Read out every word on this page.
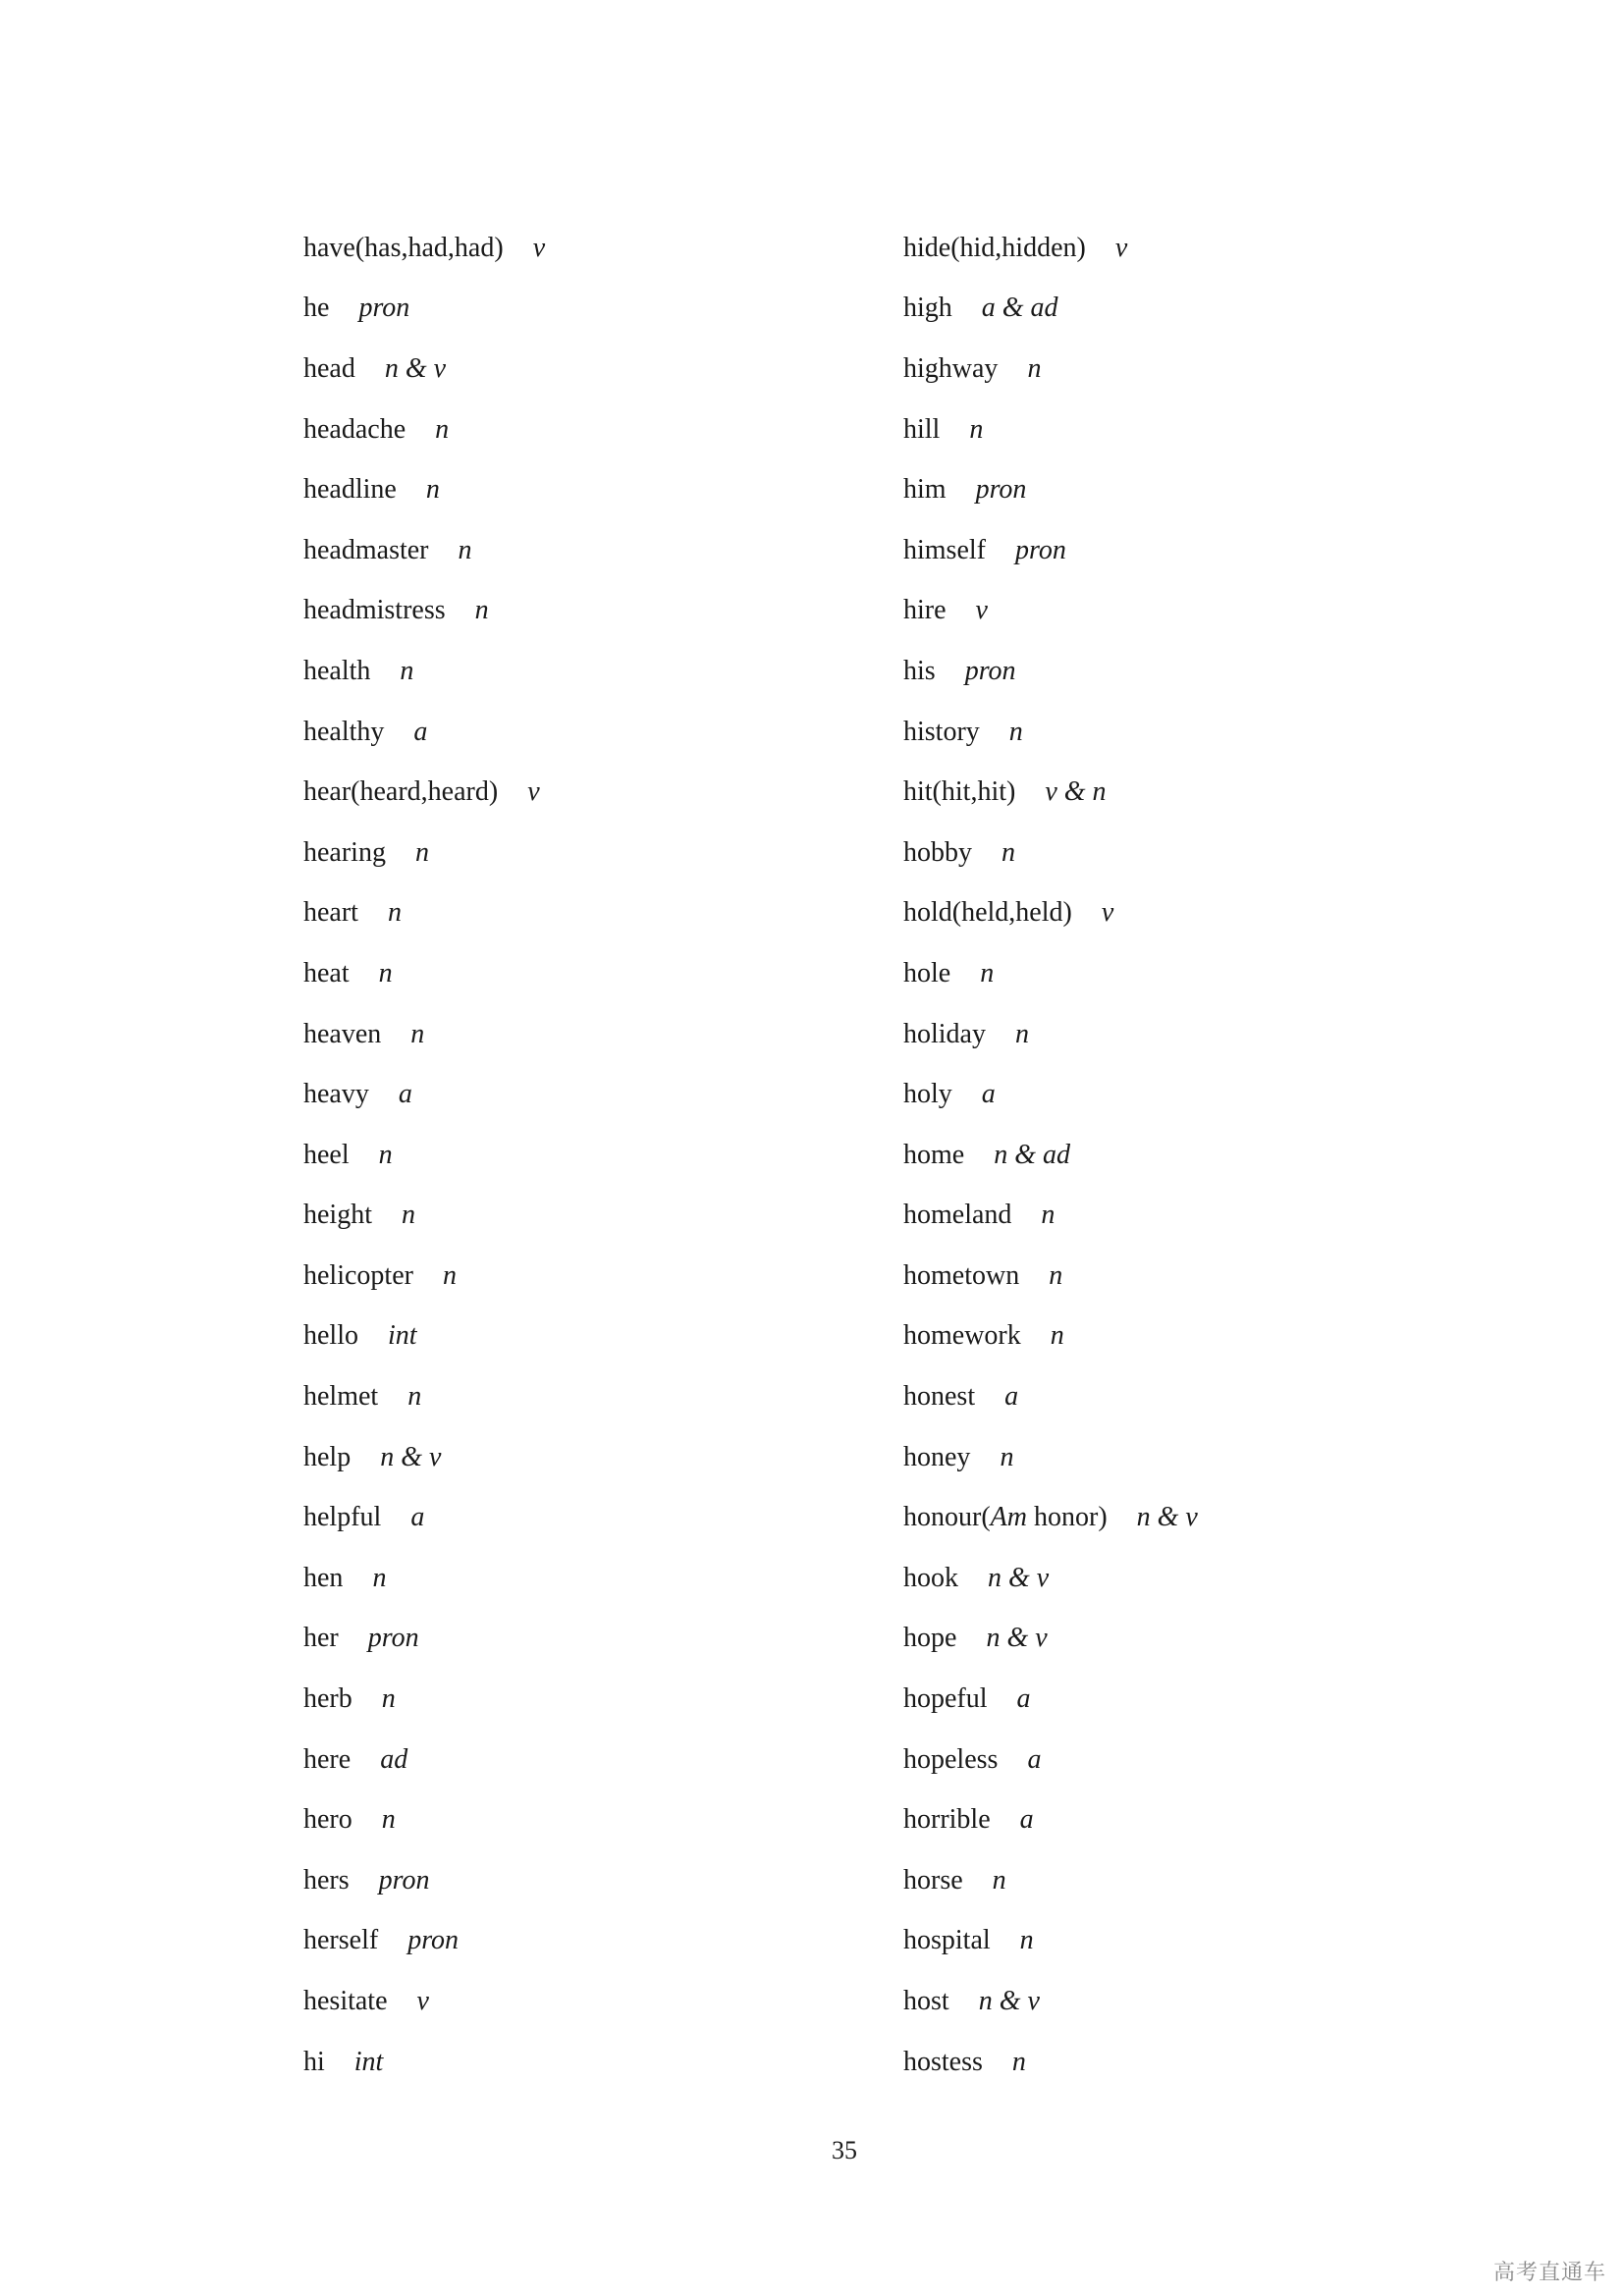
have(has,had,had) v
he pron
head n & v
headache n
headline n
headmaster n
headmistress n
health n
healthy a
hear(heard,heard) v
hearing n
heart n
heat n
heaven n
heavy a
heel n
height n
helicopter n
hello int
helmet n
help n & v
helpful a
hen n
her pron
herb n
here ad
hero n
hers pron
herself pron
hesitate v
hi int
hide(hid,hidden) v
high a & ad
highway n
hill n
him pron
himself pron
hire v
his pron
history n
hit(hit,hit) v & n
hobby n
hold(held,held) v
hole n
holiday n
holy a
home n & ad
homeland n
hometown n
homework n
honest a
honey n
honour(Am honor) n & v
hook n & v
hope n & v
hopeful a
hopeless a
horrible a
horse n
hospital n
host n & v
hostess n
35
高考直通车
